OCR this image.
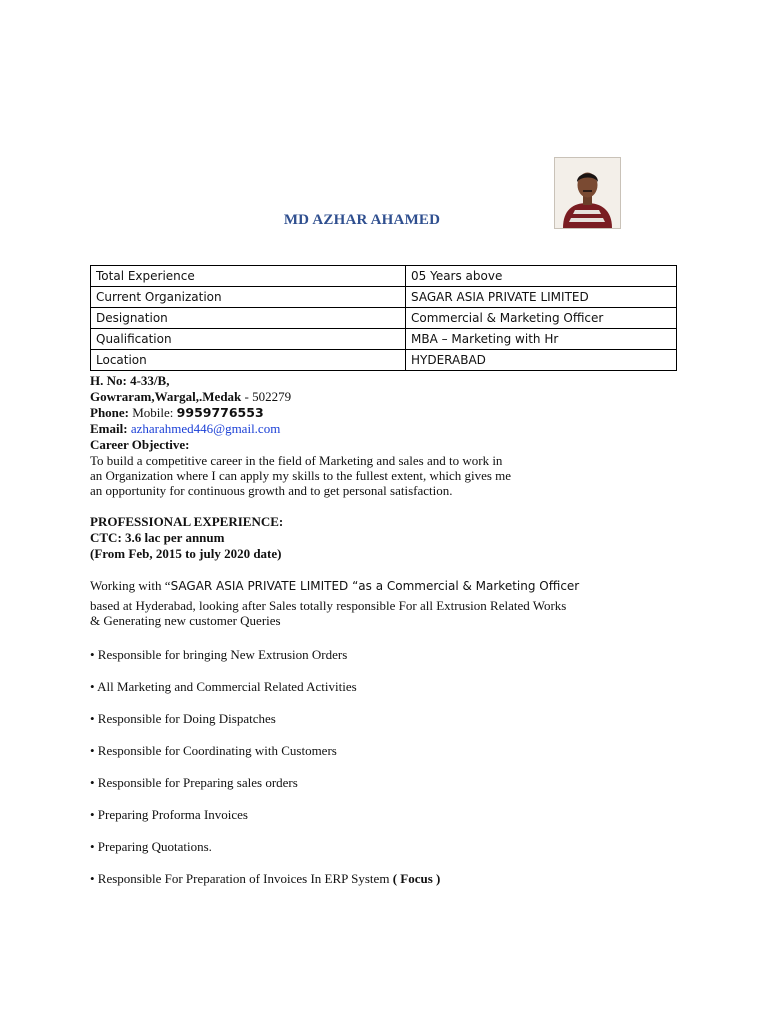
MD AZHAR AHAMED
Total Experience	05 Years above
Current Organization	SAGAR ASIA PRIVATE LIMITED
Designation	Commercial & Marketing Officer
Qualification	MBA – Marketing with Hr
Location	HYDERABAD
H. No: 4-33/B,
Gowraram,Wargal,.Medak - 502279
Phone: Mobile: 9959776553
Email: azharahmed446@gmail.com
Career Objective:
To build a competitive career in the field of Marketing and sales and to work in
an Organization where I can apply my skills to the fullest extent, which gives me
an opportunity for continuous growth and to get personal satisfaction.
PROFESSIONAL EXPERIENCE:
CTC: 3.6 lac per annum
(From Feb, 2015 to july 2020 date)
Working with “SAGAR ASIA PRIVATE LIMITED “as a Commercial & Marketing Officer
based at Hyderabad, looking after Sales totally responsible For all Extrusion Related Works
& Generating new customer Queries
• Responsible for bringing New Extrusion Orders
• All Marketing and Commercial Related Activities
• Responsible for Doing Dispatches
• Responsible for Coordinating with Customers
• Responsible for Preparing sales orders
• Preparing Proforma Invoices
• Preparing Quotations.
• Responsible For Preparation of Invoices In ERP System ( Focus )
